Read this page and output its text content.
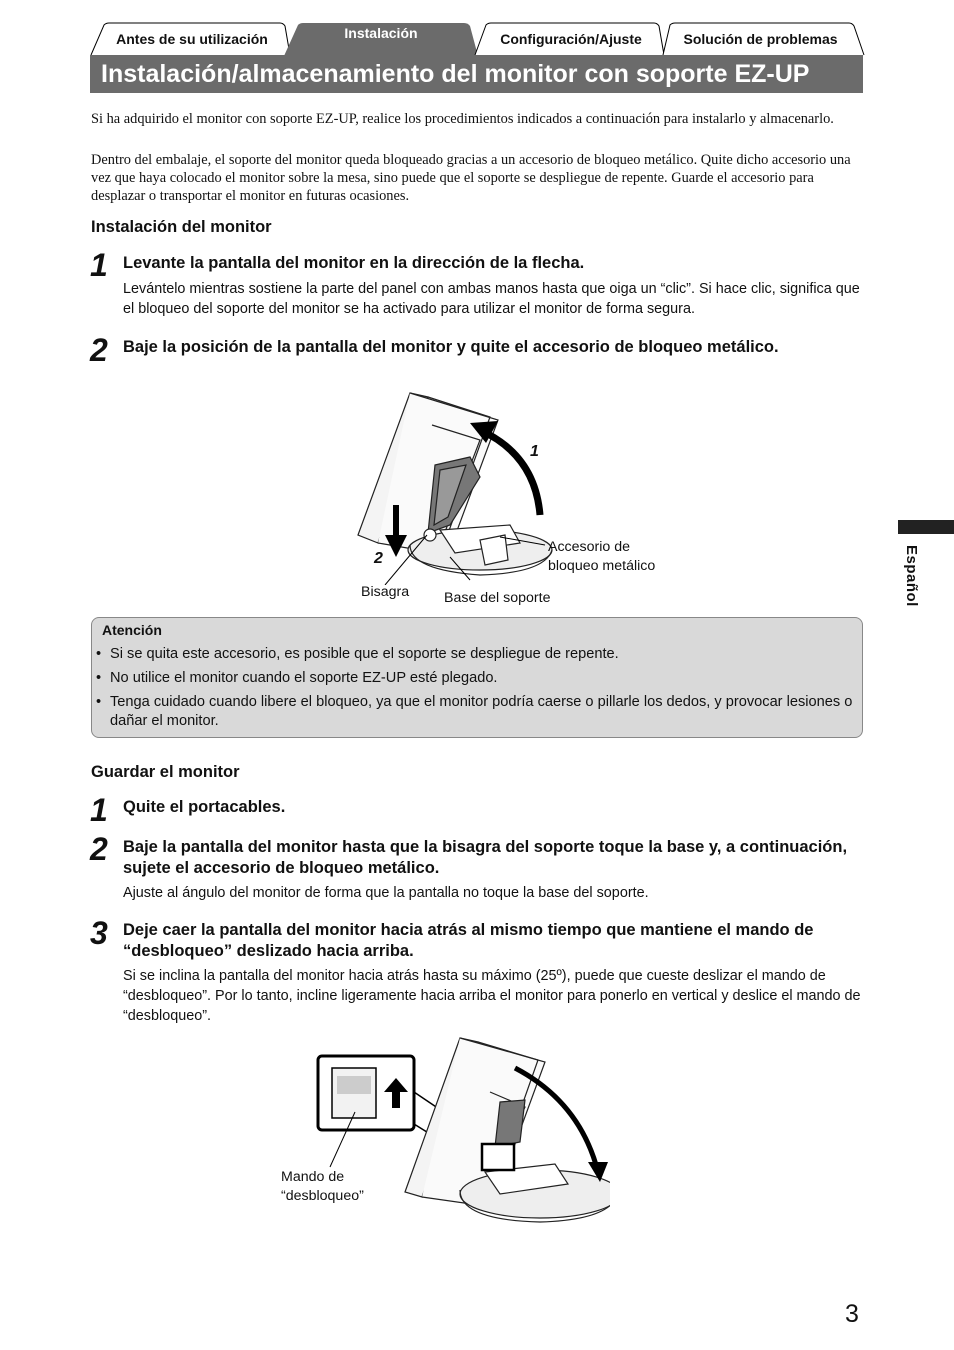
Antes de su utilización	Instalación	Configuración/Ajuste	Solución de problemas
Instalación/almacenamiento del monitor con soporte EZ-UP
Si ha adquirido el monitor con soporte EZ-UP, realice los procedimientos indicados a continuación para instalarlo y almacenarlo.
Dentro del embalaje, el soporte del monitor queda bloqueado gracias a un accesorio de bloqueo metálico. Quite dicho accesorio una vez que haya colocado el monitor sobre la mesa, sino puede que el soporte se despliegue de repente. Guarde el accesorio para desplazar o transportar el monitor en futuras ocasiones.
Instalación del monitor
1 Levante la pantalla del monitor en la dirección de la flecha.
Levántelo mientras sostiene la parte del panel con ambas manos hasta que oiga un “clic”. Si hace clic, significa que el bloqueo del soporte del monitor se ha activado para utilizar el monitor de forma segura.
2 Baje la posición de la pantalla del monitor y quite el accesorio de bloqueo metálico.
1
2
Accesorio de
bloqueo metálico
Bisagra Base del soporte
Atención
• Si se quita este accesorio, es posible que el soporte se despliegue de repente.
• No utilice el monitor cuando el soporte EZ-UP esté plegado.
• Tenga cuidado cuando libere el bloqueo, ya que el monitor podría caerse o pillarle los dedos, y provocar lesiones o dañar el monitor.
Guardar el monitor
1 Quite el portacables.
2 Baje la pantalla del monitor hasta que la bisagra del soporte toque la base y, a continuación, sujete el accesorio de bloqueo metálico.
Ajuste al ángulo del monitor de forma que la pantalla no toque la base del soporte.
3 Deje caer la pantalla del monitor hacia atrás al mismo tiempo que mantiene el mando de “desbloqueo” deslizado hacia arriba.
Si se inclina la pantalla del monitor hacia atrás hasta su máximo (25º), puede que cueste deslizar el mando de “desbloqueo”. Por lo tanto, incline ligeramente hacia arriba el monitor para ponerlo en vertical y deslice el mando de “desbloqueo”.
Mando de
“desbloqueo”
Español
3
